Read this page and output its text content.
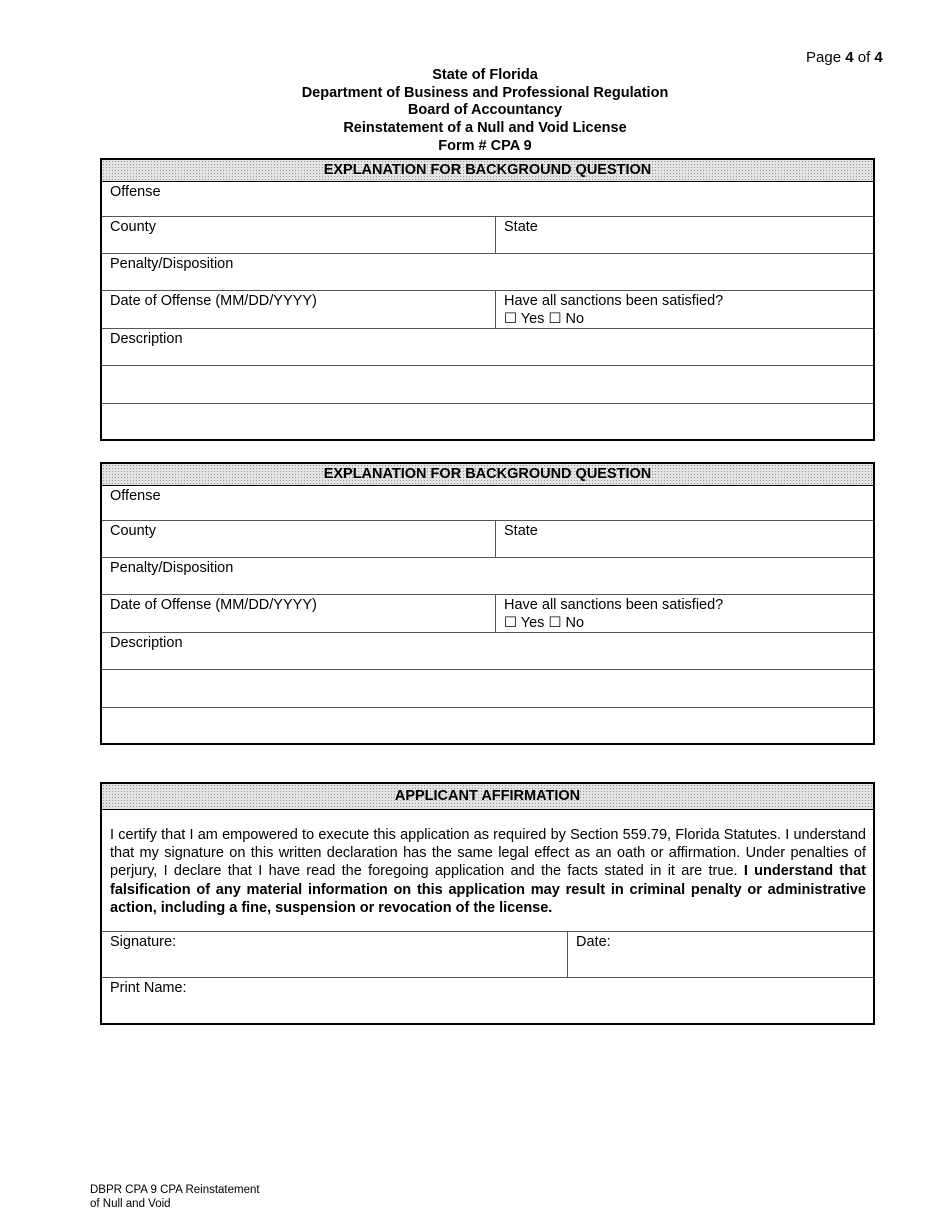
Page 4 of 4
State of Florida
Department of Business and Professional Regulation
Board of Accountancy
Reinstatement of a Null and Void License
Form # CPA 9
EXPLANATION FOR BACKGROUND QUESTION
Offense
County	State
Penalty/Disposition
Date of Offense (MM/DD/YYYY)	Have all sanctions been satisfied?
☐ Yes ☐ No
Description
EXPLANATION FOR BACKGROUND QUESTION
Offense
County	State
Penalty/Disposition
Date of Offense (MM/DD/YYYY)	Have all sanctions been satisfied?
☐ Yes ☐ No
Description
APPLICANT AFFIRMATION
I certify that I am empowered to execute this application as required by Section 559.79, Florida Statutes. I understand that my signature on this written declaration has the same legal effect as an oath or affirmation. Under penalties of perjury, I declare that I have read the foregoing application and the facts stated in it are true. I understand that falsification of any material information on this application may result in criminal penalty or administrative action, including a fine, suspension or revocation of the license.
Signature:	Date:
Print Name:
DBPR CPA 9 CPA Reinstatement
of Null and Void
